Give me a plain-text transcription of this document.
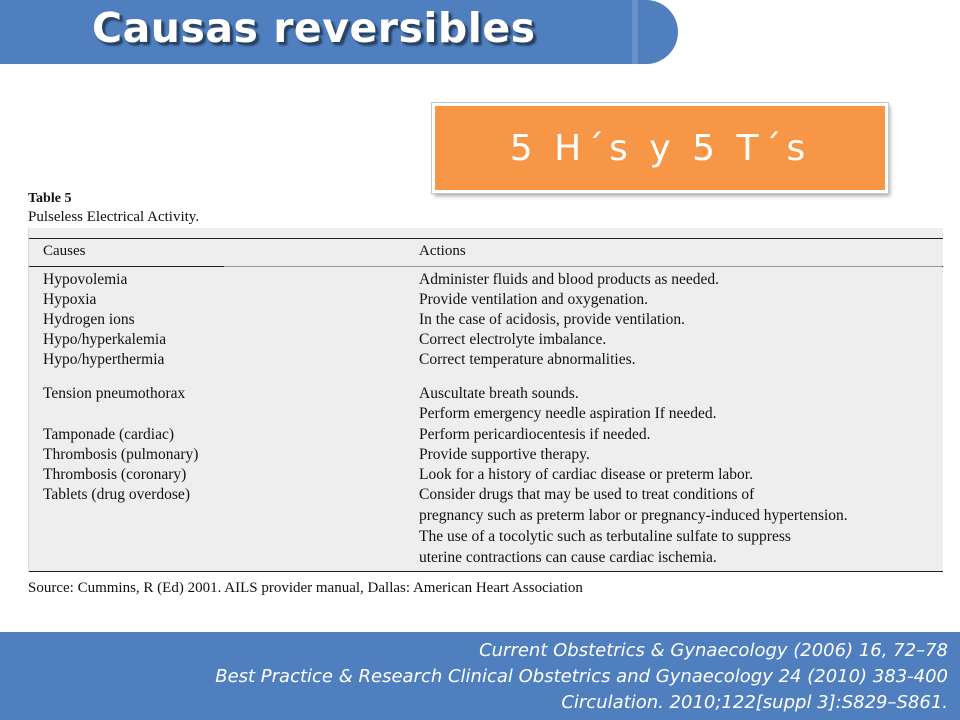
Causas reversibles
5 H´s y 5 T´s
Table 5
Pulseless Electrical Activity.
Causes	Actions
Hypovolemia
Hypoxia
Hydrogen ions
Hypo/hyperkalemia
Hypo/hyperthermia
Tension pneumothorax
Tamponade (cardiac)
Thrombosis (pulmonary)
Thrombosis (coronary)
Tablets (drug overdose)
Administer fluids and blood products as needed.
Provide ventilation and oxygenation.
In the case of acidosis, provide ventilation.
Correct electrolyte imbalance.
Correct temperature abnormalities.
Auscultate breath sounds.
Perform emergency needle aspiration If needed.
Perform pericardiocentesis if needed.
Provide supportive therapy.
Look for a history of cardiac disease or preterm labor.
Consider drugs that may be used to treat conditions of
pregnancy such as preterm labor or pregnancy-induced hypertension.
The use of a tocolytic such as terbutaline sulfate to suppress
uterine contractions can cause cardiac ischemia.
Source: Cummins, R (Ed) 2001. AILS provider manual, Dallas: American Heart Association
Current Obstetrics & Gynaecology (2006) 16, 72–78
Best Practice & Research Clinical Obstetrics and Gynaecology 24 (2010) 383-400
Circulation. 2010;122[suppl 3]:S829–S861.
